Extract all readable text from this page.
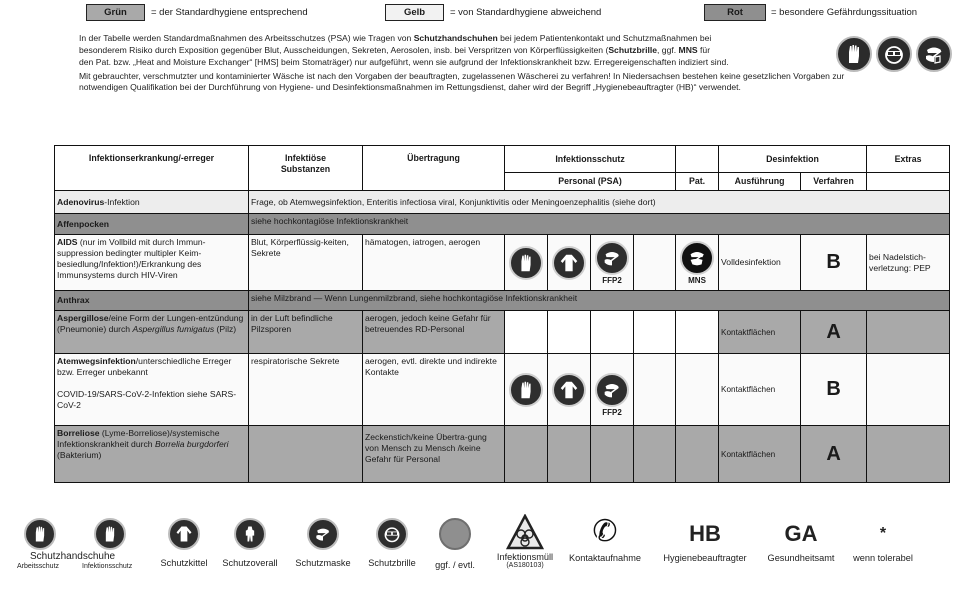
Grün	= der Standardhygiene entsprechend	Gelb	= von Standardhygiene abweichend	Rot	= besondere Gefährdungssituation

In der Tabelle werden Standardmaßnahmen des Arbeitsschutzes (PSA) wie Tragen von Schutzhandschuhen bei jedem Patientenkontakt und Schutzmaßnahmen bei besonderem Risiko durch Exposition gegenüber Blut, Ausscheidungen, Sekreten, Aerosolen, insb. bei Verspritzen von Körperflüssigkeiten (Schutzbrille, ggf. MNS für

den Pat. bzw. „Heat and Moisture Exchanger“ [HMS] beim Stomaträger) nur aufgeführt, wenn sie aufgrund der Infektionskrankheit bzw. Erregereigenschaften indiziert sind.

Mit gebrauchter, verschmutzter und kontaminierter Wäsche ist nach den Vorgaben der beauftragten, zugelassenen Wäscherei zu verfahren! In Niedersachsen bestehen keine gesetzlichen Vorgaben zur notwendigen Qualifikation bei der Durchführung von Hygiene- und Desinfektionsmaßnahmen im Rettungsdienst, daher wird der Begriff „Hygienebeauftragter (HB)“ verwendet.

Infektionserkrankung/-erreger	Infektiöse Substanzen	Übertragung	Infektionsschutz					Desinfektion		Extras
			Personal (PSA)				Pat.	Ausführung	Verfahren	
Adenovirus-Infektion	Frage, ob Atemwegsinfektion, Enteritis infectiosa viral, Konjunktivitis oder Meningoenzephalitis (siehe dort)									
Affenpocken	siehe hochkontagiöse Infektionskrankheit									
AIDS (nur im Vollbild mit durch Immun-suppression bedingter multipler Keim-besiedlung/Infektion!)/Erkrankung des Immunsystems durch HIV-Viren	Blut, Körperflüssig-keiten, Sekrete	hämatogen, iatrogen, aerogen			FFP2		MNS	Volldesinfektion	B	bei Nadelstich-verletzung: PEP
Anthrax	siehe Milzbrand — Wenn Lungenmilzbrand, siehe hochkontagiöse Infektionskrankheit									
Aspergillose/eine Form der Lungen-entzündung (Pneumonie) durch Aspergillus fumigatus (Pilz)	in der Luft befindliche Pilzsporen	aerogen, jedoch keine Gefahr für betreuendes RD-Personal						Kontaktflächen	A	
Atemwegsinfektion/unterschiedliche Erreger bzw. Erreger unbekannt

COVID-19/SARS-CoV-2-Infektion siehe SARS-CoV-2	respiratorische Sekrete	aerogen, evtl. direkte und indirekte Kontakte			FFP2			Kontaktflächen	B	
Borreliose (Lyme-Borreliose)/systemische Infektionskrankheit durch Borrelia burgdorferi (Bakterium)		Zeckenstich/keine Übertra-gung von Mensch zu Mensch /keine Gefahr für Personal						Kontaktflächen	A	
Schutzhandschuhe
Arbeitsschutz	Infektionsschutz	Schutzkittel	Schutzoverall	Schutzmaske	Schutzbrille	ggf. / evtl.
Infektionsmüll
(AS180103)
✆
Kontaktaufnahme
HB
Hygienebeauftragter
GA
Gesundheitsamt
*
wenn tolerabel
